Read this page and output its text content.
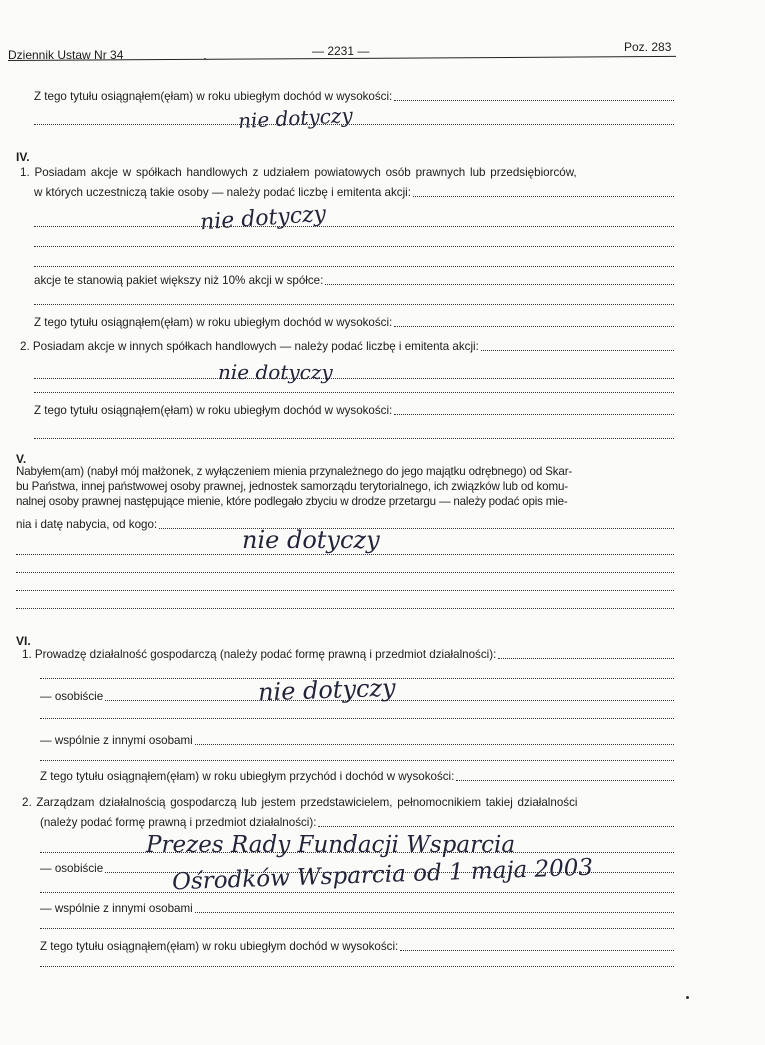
Dziennik Ustaw Nr 34	— 2231 —	Poz. 283
Z tego tytułu osiągnąłem(ęłam) w roku ubiegłym dochód w wysokości:
nie dotyczy
IV.
1. Posiadam akcje w spółkach handlowych z udziałem powiatowych osób prawnych lub przedsiębiorców,
w których uczestniczą takie osoby — należy podać liczbę i emitenta akcji:
nie dotyczy
akcje te stanowią pakiet większy niż 10% akcji w spółce:
Z tego tytułu osiągnąłem(ęłam) w roku ubiegłym dochód w wysokości:
2. Posiadam akcje w innych spółkach handlowych — należy podać liczbę i emitenta akcji:
nie dotyczy
Z tego tytułu osiągnąłem(ęłam) w roku ubiegłym dochód w wysokości:
V.
Nabyłem(am) (nabył mój małżonek, z wyłączeniem mienia przynależnego do jego majątku odrębnego) od Skar-
bu Państwa, innej państwowej osoby prawnej, jednostek samorządu terytorialnego, ich związków lub od komu-
nalnej osoby prawnej następujące mienie, które podlegało zbyciu w drodze przetargu — należy podać opis mie-
nia i datę nabycia, od kogo:
nie dotyczy
VI.
1. Prowadzę działalność gospodarczą (należy podać formę prawną i przedmiot działalności):
— osobiście	nie dotyczy
— wspólnie z innymi osobami
Z tego tytułu osiągnąłem(ęłam) w roku ubiegłym przychód i dochód w wysokości:
2. Zarządzam działalnością gospodarczą lub jestem przedstawicielem, pełnomocnikiem takiej działalności
(należy podać formę prawną i przedmiot działalności):
— osobiście
Prezes Rady Fundacji Wsparcia
Ośrodków Wsparcia od 1 maja 2003
— wspólnie z innymi osobami
Z tego tytułu osiągnąłem(ęłam) w roku ubiegłym dochód w wysokości:
